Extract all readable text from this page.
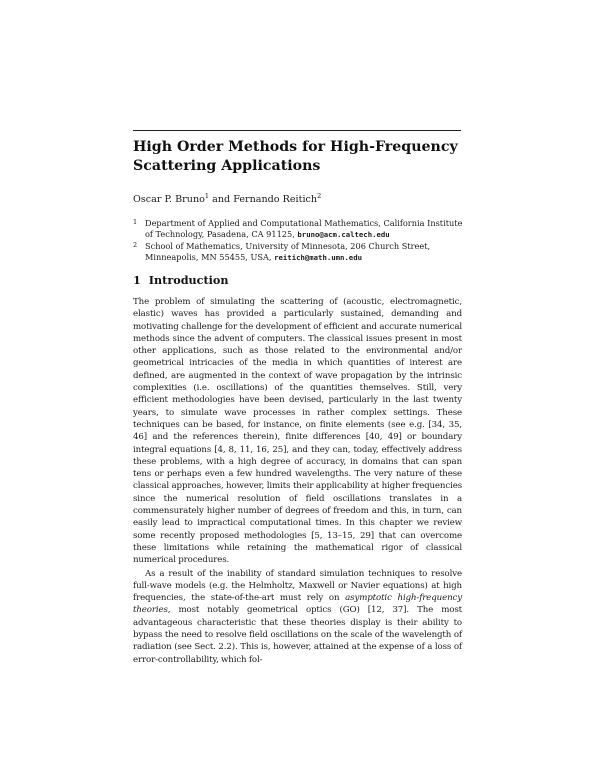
High Order Methods for High-Frequency Scattering Applications

Oscar P. Bruno$^1$ and Fernando Reitich$^2$

1 Department of Applied and Computational Mathematics, California Institute of Technology, Pasadena, CA 91125, bruno@acm.caltech.edu
2 School of Mathematics, University of Minnesota, 206 Church Street, Minneapolis, MN 55455, USA, reitich@math.umn.edu
1 Introduction

The problem of simulating the scattering of (acoustic, electromagnetic, elastic) waves has provided a particularly sustained, demanding and motivating challenge for the development of efficient and accurate numerical methods since the advent of computers. The classical issues present in most other applications, such as those related to the environmental and/or geometrical intricacies of the media in which quantities of interest are defined, are augmented in the context of wave propagation by the intrinsic complexities (i.e. oscillations) of the quantities themselves. Still, very efficient methodologies have been devised, particularly in the last twenty years, to simulate wave processes in rather complex settings. These techniques can be based, for instance, on finite elements (see e.g. [34, 35, 46] and the references therein), finite differences [40, 49] or boundary integral equations [4, 8, 11, 16, 25], and they can, today, effectively address these problems, with a high degree of accuracy, in domains that can span tens or perhaps even a few hundred wavelengths. The very nature of these classical approaches, however, limits their applicability at higher frequencies since the numerical resolution of field oscillations translates in a commensurately higher number of degrees of freedom and this, in turn, can easily lead to impractical computational times. In this chapter we review some recently proposed methodologies [5, 13–15, 29] that can overcome these limitations while retaining the mathematical rigor of classical numerical procedures.

As a result of the inability of standard simulation techniques to resolve full-wave models (e.g. the Helmholtz, Maxwell or Navier equations) at high frequencies, the state-of-the-art must rely on asymptotic high-frequency theories, most notably geometrical optics (GO) [12, 37]. The most advantageous characteristic that these theories display is their ability to bypass the need to resolve field oscillations on the scale of the wavelength of radiation (see Sect. 2.2). This is, however, attained at the expense of a loss of error-controllability, which fol-
